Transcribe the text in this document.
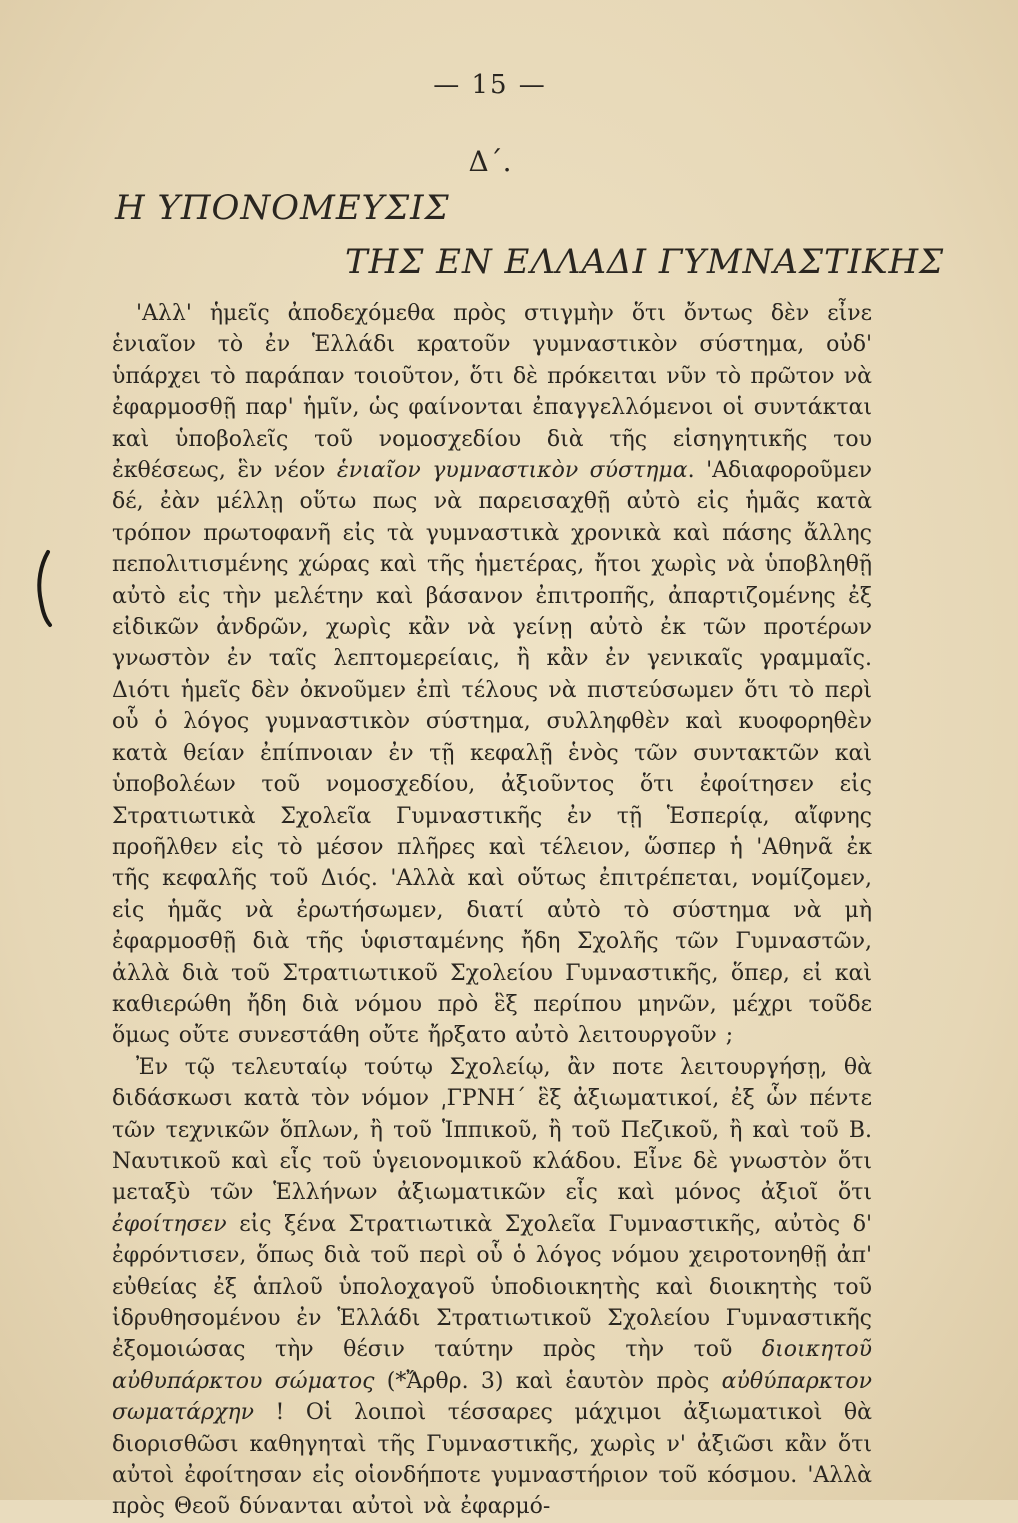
— 15 —
Δ΄.
Η ΥΠΟΝΟΜΕΥΣΙΣ
ΤΗΣ ΕΝ ΕΛΛΑΔΙ ΓΥΜΝΑΣΤΙΚΗΣ

'Αλλ' ἡμεῖς ἀποδεχόμεθα πρὸς στιγμὴν ὅτι ὄντως δὲν εἶνε ἑνιαῖον τὸ ἐν Ἑλλάδι κρατοῦν γυμναστικὸν σύστημα, οὐδ' ὑπάρχει τὸ παράπαν τοιοῦτον, ὅτι δὲ πρόκειται νῦν τὸ πρῶτον νὰ ἐφαρμοσθῇ παρ' ἡμῖν, ὡς φαίνονται ἐπαγγελλόμενοι οἱ συντάκται καὶ ὑποβολεῖς τοῦ νομοσχεδίου διὰ τῆς εἰσηγητικῆς του ἐκθέσεως, ἓν νέον ἑνιαῖον γυμναστικὸν σύστημα. 'Αδιαφοροῦμεν δέ, ἐὰν μέλλῃ οὕτω πως νὰ παρεισαχθῇ αὐτὸ εἰς ἡμᾶς κατὰ τρόπον πρωτοφανῆ εἰς τὰ γυμναστικὰ χρονικὰ καὶ πάσης ἄλλης πεπολιτισμένης χώρας καὶ τῆς ἡμετέρας, ἤτοι χωρὶς νὰ ὑποβληθῇ αὐτὸ εἰς τὴν μελέτην καὶ βάσανον ἐπιτροπῆς, ἀπαρτιζομένης ἐξ εἰδικῶν ἀνδρῶν, χωρὶς κἂν νὰ γείνῃ αὐτὸ ἐκ τῶν προτέρων γνωστὸν ἐν ταῖς λεπτομερείαις, ἢ κἂν ἐν γενικαῖς γραμμαῖς. Διότι ἡμεῖς δὲν ὀκνοῦμεν ἐπὶ τέλους νὰ πιστεύσωμεν ὅτι τὸ περὶ οὗ ὁ λόγος γυμναστικὸν σύστημα, συλληφθὲν καὶ κυοφορηθὲν κατὰ θείαν ἐπίπνοιαν ἐν τῇ κεφαλῇ ἑνὸς τῶν συντακτῶν καὶ ὑποβολέων τοῦ νομοσχεδίου, ἀξιοῦντος ὅτι ἐφοίτησεν εἰς Στρατιωτικὰ Σχολεῖα Γυμναστικῆς ἐν τῇ Ἑσπερίᾳ, αἴφνης προῆλθεν εἰς τὸ μέσον πλῆρες καὶ τέλειον, ὥσπερ ἡ 'Αθηνᾶ ἐκ τῆς κεφαλῆς τοῦ Διός. 'Αλλὰ καὶ οὕτως ἐπιτρέπεται, νομίζομεν, εἰς ἡμᾶς νὰ ἐρωτήσωμεν, διατί αὐτὸ τὸ σύστημα νὰ μὴ ἐφαρμοσθῇ διὰ τῆς ὑφισταμένης ἤδη Σχολῆς τῶν Γυμναστῶν, ἀλλὰ διὰ τοῦ Στρατιωτικοῦ Σχολείου Γυμναστικῆς, ὅπερ, εἰ καὶ καθιερώθη ἤδη διὰ νόμου πρὸ ἓξ περίπου μηνῶν, μέχρι τοῦδε ὅμως οὔτε συνεστάθη οὔτε ἤρξατο αὐτὸ λειτουργοῦν ;

Ἐν τῷ τελευταίῳ τούτῳ Σχολείῳ, ἂν ποτε λειτουργήσῃ, θὰ διδάσκωσι κατὰ τὸν νόμον ͵ΓΡΝΗ΄ ἓξ ἀξιωματικοί, ἐξ ὧν πέντε τῶν τεχνικῶν ὅπλων, ἢ τοῦ Ἱππικοῦ, ἢ τοῦ Πεζικοῦ, ἢ καὶ τοῦ Β. Ναυτικοῦ καὶ εἷς τοῦ ὑγειονομικοῦ κλάδου. Εἶνε δὲ γνωστὸν ὅτι μεταξὺ τῶν Ἑλλήνων ἀξιωματικῶν εἷς καὶ μόνος ἀξιοῖ ὅτι ἐφοίτησεν εἰς ξένα Στρατιωτικὰ Σχολεῖα Γυμναστικῆς, αὐτὸς δ' ἐφρόντισεν, ὅπως διὰ τοῦ περὶ οὗ ὁ λόγος νόμου χειροτονηθῇ ἀπ' εὐθείας ἐξ ἁπλοῦ ὑπολοχαγοῦ ὑποδιοικητὴς καὶ διοικητὴς τοῦ ἱδρυθησομένου ἐν Ἑλλάδι Στρατιωτικοῦ Σχολείου Γυμναστικῆς ἐξομοιώσας τὴν θέσιν ταύτην πρὸς τὴν τοῦ διοικητοῦ αὐθυπάρκτου σώματος (*Ἄρθρ. 3) καὶ ἑαυτὸν πρὸς αὐθύπαρκτον σωματάρχην ! Οἱ λοιποὶ τέσσαρες μάχιμοι ἀξιωματικοὶ θὰ διορισθῶσι καθηγηταὶ τῆς Γυμναστικῆς, χωρὶς ν' ἀξιῶσι κἂν ὅτι αὐτοὶ ἐφοίτησαν εἰς οἱονδήποτε γυμναστήριον τοῦ κόσμου. 'Αλλὰ πρὸς Θεοῦ δύνανται αὐτοὶ νὰ ἐφαρμό-
